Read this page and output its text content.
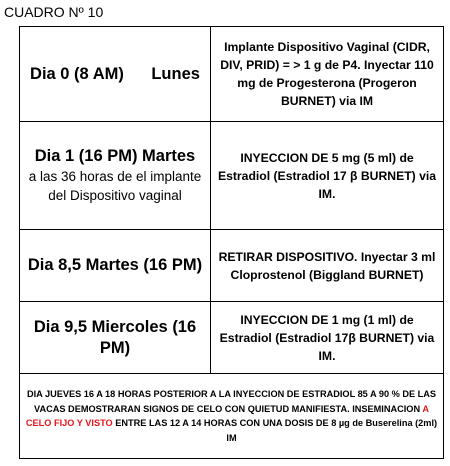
CUADRO Nº 10
Dia 0 (8 AM)      Lunes	Implante Dispositivo Vaginal (CIDR, DIV, PRID) = > 1 g de P4. Inyectar 110 mg de Progesterona (Progeron BURNET) via IM

Dia 1 (16 PM) Martes
a las 36 horas de el implante del Dispositivo vaginal	INYECCION DE 5 mg (5 ml) de Estradiol (Estradiol 17 β BURNET) via IM.

Dia 8,5 Martes (16 PM)	RETIRAR DISPOSITIVO. Inyectar 3 ml Cloprostenol (Biggland BURNET)

Dia 9,5 Miercoles (16 PM)	INYECCION DE 1 mg (1 ml) de Estradiol (Estradiol 17β BURNET) via IM.
DIA JUEVES 16 A 18 HORAS POSTERIOR A LA INYECCION DE ESTRADIOL 85 A 90 % DE LAS VACAS DEMOSTRARAN SIGNOS DE CELO CON QUIETUD MANIFIESTA. INSEMINACION A CELO FIJO Y VISTO ENTRE LAS 12 A 14 HORAS CON UNA DOSIS DE 8 µg de Buserelina (2ml) IM	
